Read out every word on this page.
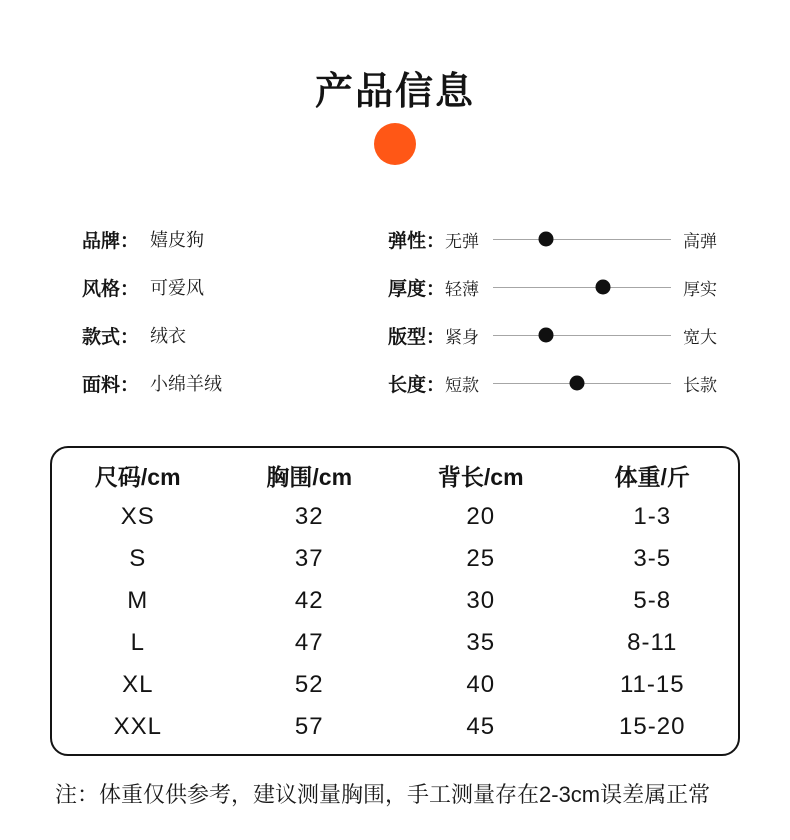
产品信息
品牌： 嬉皮狗
风格： 可爱风
款式： 绒衣
面料： 小绵羊绒
弹性： 无弹	高弹
厚度： 轻薄	厚实
版型： 紧身	宽大
长度： 短款	长款
尺码/cm	胸围/cm	背长/cm	体重/斤
XS	32	20	1-3
S	37	25	3-5
M	42	30	5-8
L	47	35	8-11
XL	52	40	11-15
XXL	57	45	15-20

注：体重仅供参考，建议测量胸围，手工测量存在2-3cm误差属正常
